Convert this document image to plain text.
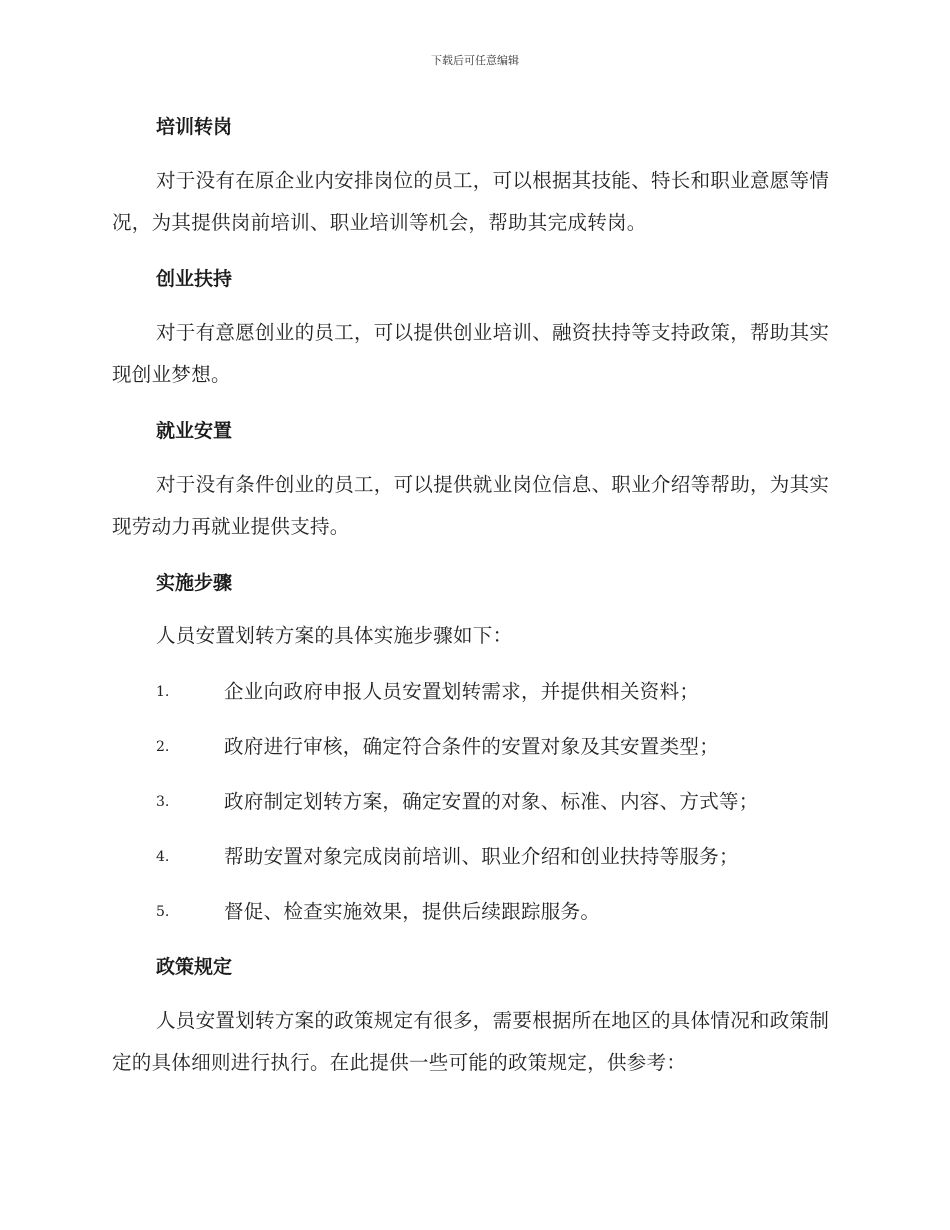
下载后可任意编辑
培训转岗

对于没有在原企业内安排岗位的员工，可以根据其技能、特长和职业意愿等情况，为其提供岗前培训、职业培训等机会，帮助其完成转岗。

创业扶持

对于有意愿创业的员工，可以提供创业培训、融资扶持等支持政策，帮助其实现创业梦想。

就业安置

对于没有条件创业的员工，可以提供就业岗位信息、职业介绍等帮助，为其实现劳动力再就业提供支持。

实施步骤

人员安置划转方案的具体实施步骤如下：

1.	企业向政府申报人员安置划转需求，并提供相关资料；
2.	政府进行审核，确定符合条件的安置对象及其安置类型；
3.	政府制定划转方案，确定安置的对象、标准、内容、方式等；
4.	帮助安置对象完成岗前培训、职业介绍和创业扶持等服务；
5.	督促、检查实施效果，提供后续跟踪服务。
政策规定

人员安置划转方案的政策规定有很多，需要根据所在地区的具体情况和政策制定的具体细则进行执行。在此提供一些可能的政策规定，供参考：
